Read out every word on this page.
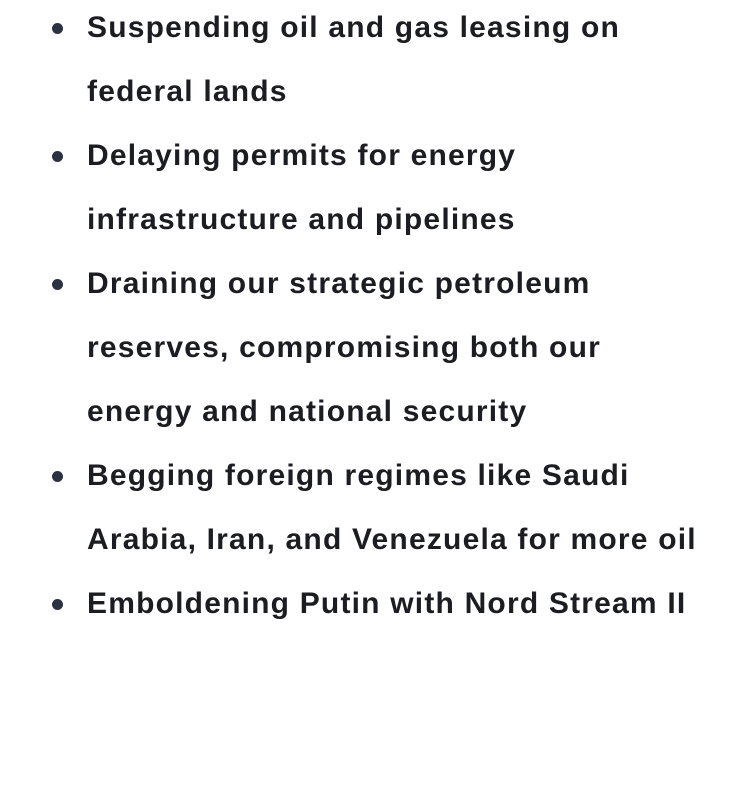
Suspending oil and gas leasing on federal lands
Delaying permits for energy infrastructure and pipelines
Draining our strategic petroleum reserves, compromising both our energy and national security
Begging foreign regimes like Saudi Arabia, Iran, and Venezuela for more oil
Emboldening Putin with Nord Stream II
